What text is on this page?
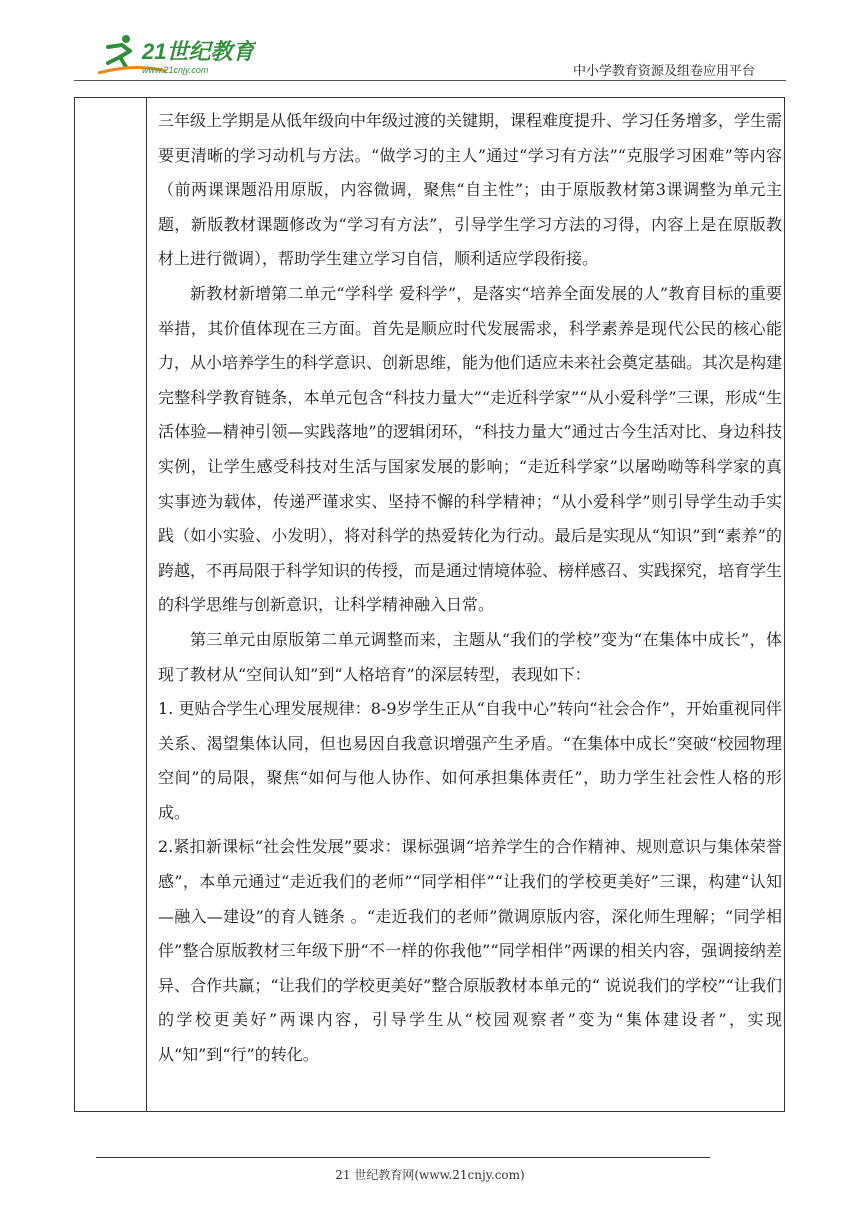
21世纪教育
www.21cnjy.com	中小学教育资源及组卷应用平台

三年级上学期是从低年级向中年级过渡的关键期，课程难度提升、学习任务增多，学生需要更清晰的学习动机与方法。“做学习的主人”通过“学习有方法”“克服学习困难”等内容（前两课课题沿用原版，内容微调，聚焦“自主性”；由于原版教材第3课调整为单元主题，新版教材课题修改为“学习有方法”，引导学生学习方法的习得，内容上是在原版教材上进行微调），帮助学生建立学习自信，顺利适应学段衔接。

新教材新增第二单元“学科学 爱科学”，是落实“培养全面发展的人”教育目标的重要举措，其价值体现在三方面。首先是顺应时代发展需求，科学素养是现代公民的核心能力，从小培养学生的科学意识、创新思维，能为他们适应未来社会奠定基础。其次是构建完整科学教育链条，本单元包含“科技力量大”“走近科学家”“从小爱科学”三课，形成“生活体验—精神引领—实践落地”的逻辑闭环，“科技力量大”通过古今生活对比、身边科技实例，让学生感受科技对生活与国家发展的影响；“走近科学家”以屠呦呦等科学家的真实事迹为载体，传递严谨求实、坚持不懈的科学精神；“从小爱科学”则引导学生动手实践（如小实验、小发明），将对科学的热爱转化为行动。最后是实现从“知识”到“素养”的跨越，不再局限于科学知识的传授，而是通过情境体验、榜样感召、实践探究，培育学生的科学思维与创新意识，让科学精神融入日常。

第三单元由原版第二单元调整而来，主题从“我们的学校”变为“在集体中成长”，体现了教材从“空间认知”到“人格培育”的深层转型，表现如下：

1. 更贴合学生心理发展规律：8-9岁学生正从“自我中心”转向“社会合作”，开始重视同伴关系、渴望集体认同，但也易因自我意识增强产生矛盾。“在集体中成长”突破“校园物理空间”的局限，聚焦“如何与他人协作、如何承担集体责任”，助力学生社会性人格的形成。

2.紧扣新课标“社会性发展”要求：课标强调“培养学生的合作精神、规则意识与集体荣誉感”，本单元通过“走近我们的老师”“同学相伴”“让我们的学校更美好”三课，构建“认知—融入—建设”的育人链条 。“走近我们的老师”微调原版内容，深化师生理解；“同学相伴”整合原版教材三年级下册“不一样的你我他”“同学相伴”两课的相关内容，强调接纳差异、合作共赢；“让我们的学校更美好”整合原版教材本单元的“ 说说我们的学校”“让我们的学校更美好”两课内容，引导学生从“校园观察者”变为“集体建设者”，实现从“知”到“行”的转化。

21 世纪教育网(www.21cnjy.com)
